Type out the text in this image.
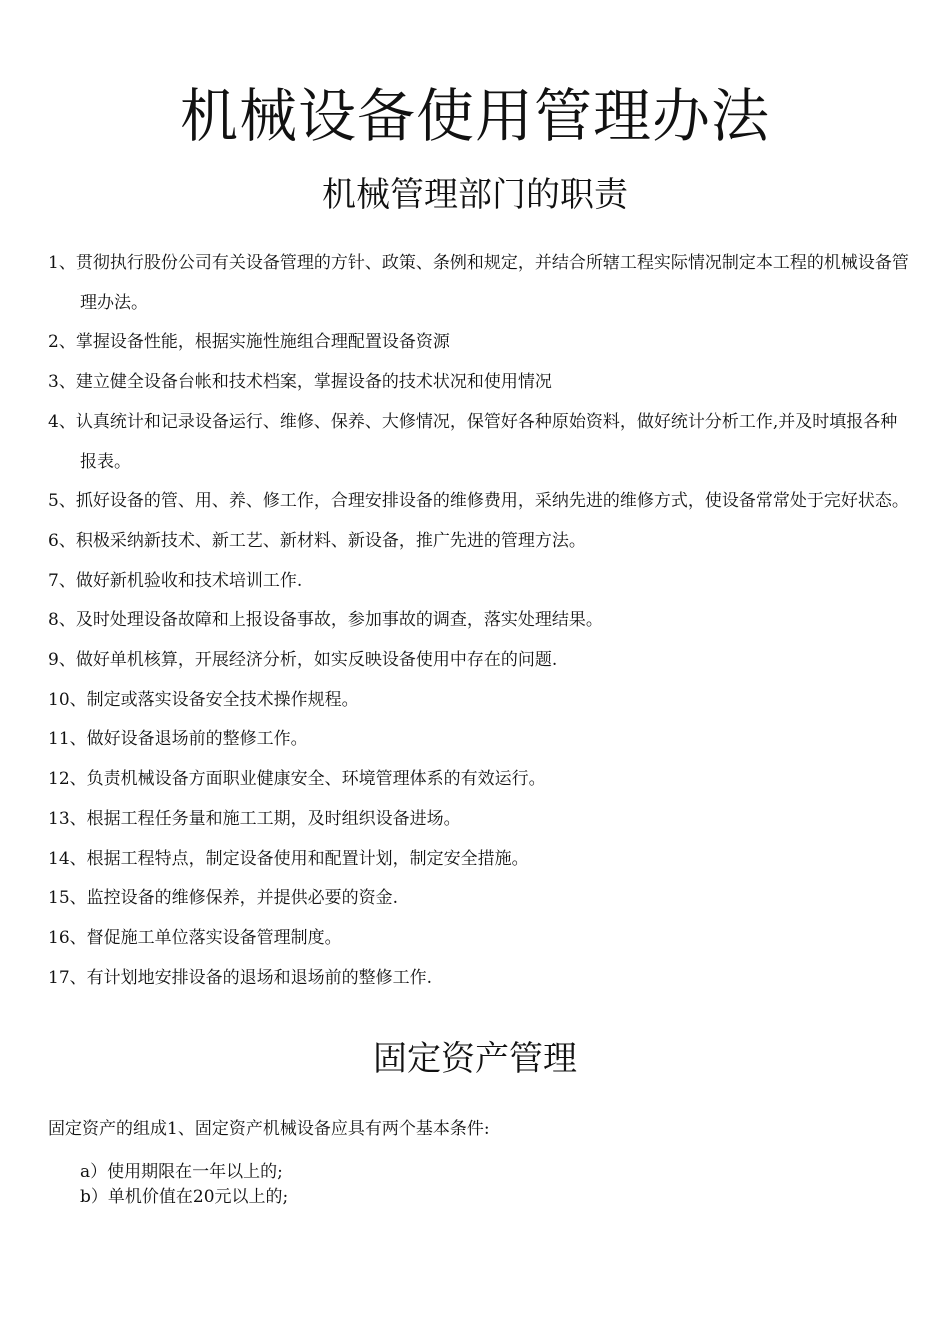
机械设备使用管理办法
机械管理部门的职责
1、贯彻执行股份公司有关设备管理的方针、政策、条例和规定，并结合所辖工程实际情况制定本工程的机械设备管理办法。
2、掌握设备性能，根据实施性施组合理配置设备资源
3、建立健全设备台帐和技术档案，掌握设备的技术状况和使用情况
4、认真统计和记录设备运行、维修、保养、大修情况，保管好各种原始资料，做好统计分析工作,并及时填报各种报表。
5、抓好设备的管、用、养、修工作，合理安排设备的维修费用，采纳先进的维修方式，使设备常常处于完好状态。
6、积极采纳新技术、新工艺、新材料、新设备，推广先进的管理方法。
7、做好新机验收和技术培训工作.
8、及时处理设备故障和上报设备事故，参加事故的调查，落实处理结果。
9、做好单机核算，开展经济分析，如实反映设备使用中存在的问题.
10、制定或落实设备安全技术操作规程。
11、做好设备退场前的整修工作。
12、负责机械设备方面职业健康安全、环境管理体系的有效运行。
13、根据工程任务量和施工工期，及时组织设备进场。
14、根据工程特点，制定设备使用和配置计划，制定安全措施。
15、监控设备的维修保养，并提供必要的资金.
16、督促施工单位落实设备管理制度。
17、有计划地安排设备的退场和退场前的整修工作.
固定资产管理

固定资产的组成1、固定资产机械设备应具有两个基本条件:

a）使用期限在一年以上的;
b）单机价值在20元以上的;
